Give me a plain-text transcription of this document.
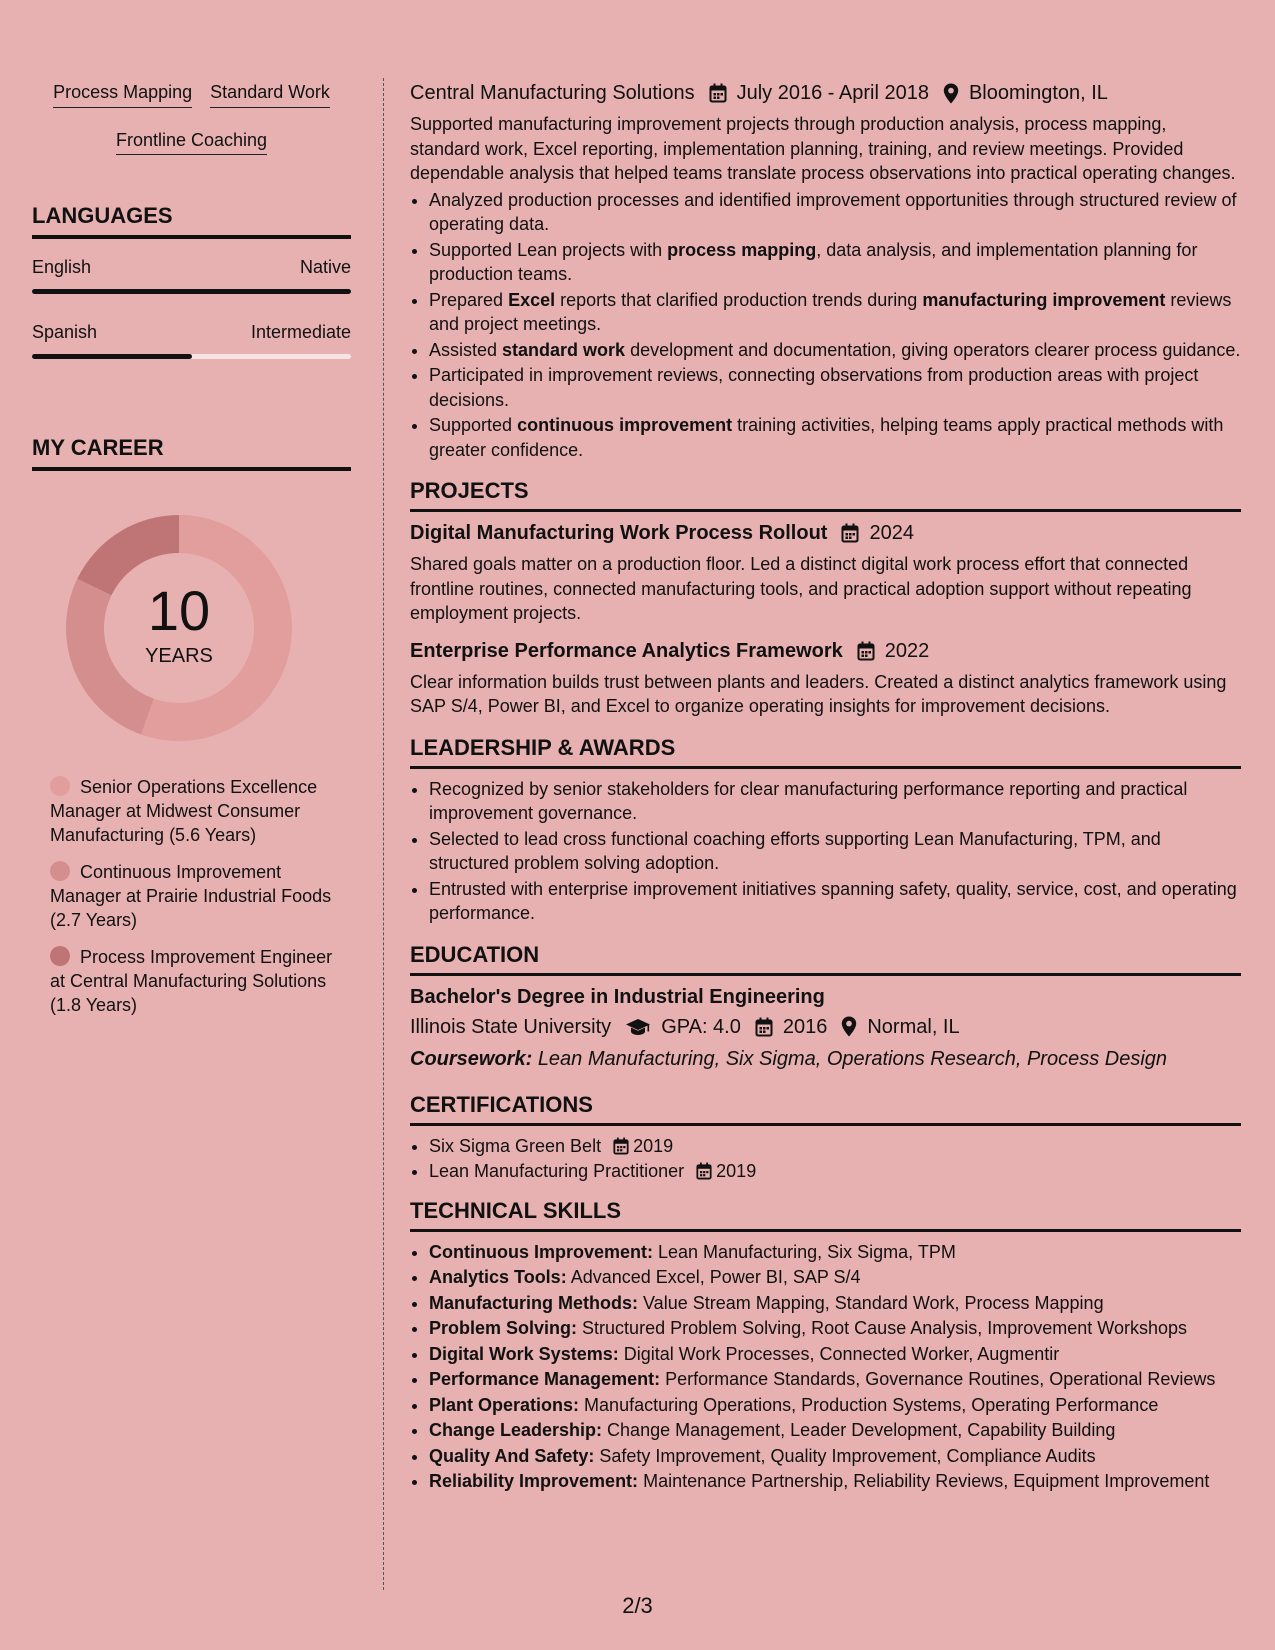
Process Mapping Standard Work
Frontline Coaching
LANGUAGES
English	Native
Spanish	Intermediate
MY CAREER
10
YEARS
Senior Operations Excellence Manager at Midwest Consumer Manufacturing (5.6 Years)
Continuous Improvement Manager at Prairie Industrial Foods (2.7 Years)
Process Improvement Engineer at Central Manufacturing Solutions (1.8 Years)
Central Manufacturing Solutions July 2016 - April 2018 Bloomington, IL

Supported manufacturing improvement projects through production analysis, process mapping, standard work, Excel reporting, implementation planning, training, and review meetings. Provided dependable analysis that helped teams translate process observations into practical operating changes.

• Analyzed production processes and identified improvement opportunities through structured review of operating data.
• Supported Lean projects with process mapping, data analysis, and implementation planning for production teams.
• Prepared Excel reports that clarified production trends during manufacturing improvement reviews and project meetings.
• Assisted standard work development and documentation, giving operators clearer process guidance.
• Participated in improvement reviews, connecting observations from production areas with project decisions.
• Supported continuous improvement training activities, helping teams apply practical methods with greater confidence.
PROJECTS
Digital Manufacturing Work Process Rollout 2024

Shared goals matter on a production floor. Led a distinct digital work process effort that connected frontline routines, connected manufacturing tools, and practical adoption support without repeating employment projects.

Enterprise Performance Analytics Framework 2022

Clear information builds trust between plants and leaders. Created a distinct analytics framework using SAP S/4, Power BI, and Excel to organize operating insights for improvement decisions.

LEADERSHIP & AWARDS
• Recognized by senior stakeholders for clear manufacturing performance reporting and practical improvement governance.
• Selected to lead cross functional coaching efforts supporting Lean Manufacturing, TPM, and structured problem solving adoption.
• Entrusted with enterprise improvement initiatives spanning safety, quality, service, cost, and operating performance.
EDUCATION
Bachelor's Degree in Industrial Engineering
Illinois State University	GPA: 4.0 2016 Normal, IL
Coursework: Lean Manufacturing, Six Sigma, Operations Research, Process Design
CERTIFICATIONS
• Six Sigma Green Belt 2019
• Lean Manufacturing Practitioner 2019
TECHNICAL SKILLS
• Continuous Improvement: Lean Manufacturing, Six Sigma, TPM
• Analytics Tools: Advanced Excel, Power BI, SAP S/4
• Manufacturing Methods: Value Stream Mapping, Standard Work, Process Mapping
• Problem Solving: Structured Problem Solving, Root Cause Analysis, Improvement Workshops
• Digital Work Systems: Digital Work Processes, Connected Worker, Augmentir
• Performance Management: Performance Standards, Governance Routines, Operational Reviews
• Plant Operations: Manufacturing Operations, Production Systems, Operating Performance
• Change Leadership: Change Management, Leader Development, Capability Building
• Quality And Safety: Safety Improvement, Quality Improvement, Compliance Audits
• Reliability Improvement: Maintenance Partnership, Reliability Reviews, Equipment Improvement
2/3
